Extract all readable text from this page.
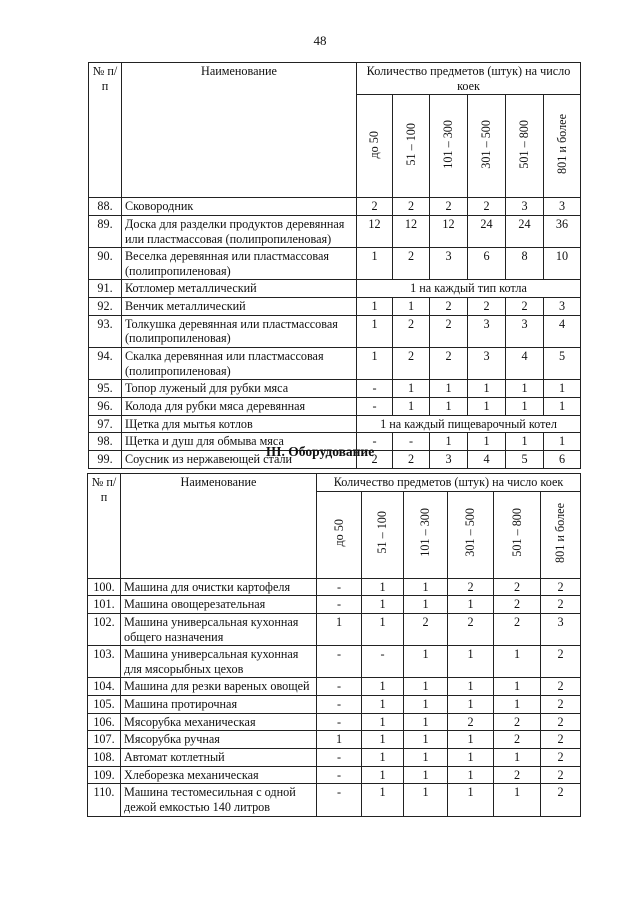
48
№ п/п	Наименование	Количество предметов (штук) на число коек					
		до 50	51 – 100	101 – 300	301 – 500	501 – 800	801 и более
88.	Сковородник	2	2	2	2	3	3
89.	Доска для разделки продуктов деревянная или пластмассовая (полипропиленовая)	12	12	12	24	24	36
90.	Веселка деревянная или пластмассовая (полипропиленовая)	1	2	3	6	8	10
91.	Котломер металлический	1 на каждый тип котла					
92.	Венчик металлический	1	1	2	2	2	3
93.	Толкушка деревянная или пластмассовая (полипропиленовая)	1	2	2	3	3	4
94.	Скалка деревянная или пластмассовая (полипропиленовая)	1	2	2	3	4	5
95.	Топор луженый для рубки мяса	-	1	1	1	1	1
96.	Колода для рубки мяса деревянная	-	1	1	1	1	1
97.	Щетка для мытья котлов	1 на каждый пищеварочный котел					
98.	Щетка и душ для обмыва мяса	-	-	1	1	1	1
99.	Соусник из нержавеющей стали	2	2	3	4	5	6
III. Оборудование
№ п/п	Наименование	Количество предметов (штук) на число коек					
		до 50	51 – 100	101 – 300	301 – 500	501 – 800	801 и более
100.	Машина для очистки картофеля	-	1	1	2	2	2
101.	Машина овощерезательная	-	1	1	1	2	2
102.	Машина универсальная кухонная общего назначения	1	1	2	2	2	3
103.	Машина универсальная кухонная для мясорыбных цехов	-	-	1	1	1	2
104.	Машина для резки вареных овощей	-	1	1	1	1	2
105.	Машина протирочная	-	1	1	1	1	2
106.	Мясорубка механическая	-	1	1	2	2	2
107.	Мясорубка ручная	1	1	1	1	2	2
108.	Автомат котлетный	-	1	1	1	1	2
109.	Хлеборезка механическая	-	1	1	1	2	2
110.	Машина тестомесильная с одной дежой емкостью 140 литров	-	1	1	1	1	2
